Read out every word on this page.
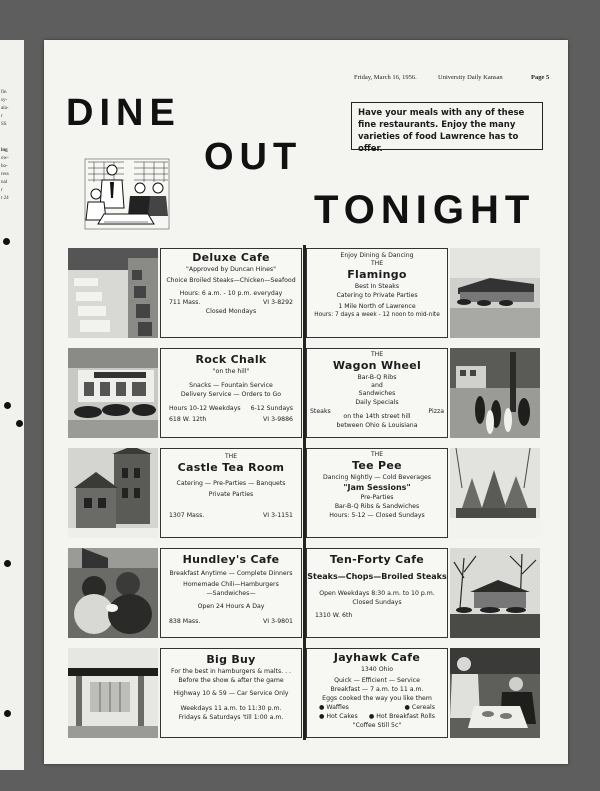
fin
sy-
ala-
r
SS
ing
ow-
ho-
ress
nal
r
t 24
Friday, March 16, 1956.	University Daily Kansan	Page 5
DINE
OUT
TONIGHT
Have your meals with any of these fine restaurants. Enjoy the many varieties of food Lawrence has to offer.
Deluxe Cafe
"Approved by Duncan Hines"
Choice Broiled Steaks—Chicken—Seafood
Hours: 6 a.m. - 10 p.m. everyday
711 Mass.	VI 3-8292
Closed Mondays
Enjoy Dining & Dancing
THE
Flamingo
Best In Steaks
Catering to Private Parties
1 Mile North of Lawrence
Hours: 7 days a week - 12 noon to mid-nite
Rock Chalk
"on the hill"
Snacks — Fountain Service
Delivery Service — Orders to Go
Hours 10-12 Weekdays 6-12 Sundays
618 W. 12th	VI 3-9886
THE
Wagon Wheel
Bar-B-Q Ribs
and
Sandwiches
Daily Specials
Steaks	Pizza
on the 14th street hill
between Ohio & Louisiana
THE
Castle Tea Room
Catering — Pre-Parties — Banquets
Private Parties
1307 Mass.	VI 3-1151
THE
Tee Pee
Dancing Nightly — Cold Beverages
"Jam Sessions"
Pre-Parties
Bar-B-Q Ribs & Sandwiches
Hours: 5-12 — Closed Sundays
Hundley's Cafe
Breakfast Anytime — Complete Dinners
Homemade Chili—Hamburgers
—Sandwiches—
Open 24 Hours A Day
838 Mass.	VI 3-9801
Ten-Forty Cafe
Steaks—Chops—Broiled Steaks
Open Weekdays 8:30 a.m. to 10 p.m.
Closed Sundays
1310 W. 6th
Big Buy
For the best in hamburgers & malts. . .
Before the show & after the game
Highway 10 & 59 — Car Service Only
Weekdays 11 a.m. to 11:30 p.m.
Fridays & Saturdays 'till 1:00 a.m.
Jayhawk Cafe
1340 Ohio
Quick — Efficient — Service
Breakfast — 7 a.m. to 11 a.m.
Eggs cooked the way you like them
● Waffles	● Cereals
● Hot Cakes ● Hot Breakfast Rolls
"Coffee Still 5c"
